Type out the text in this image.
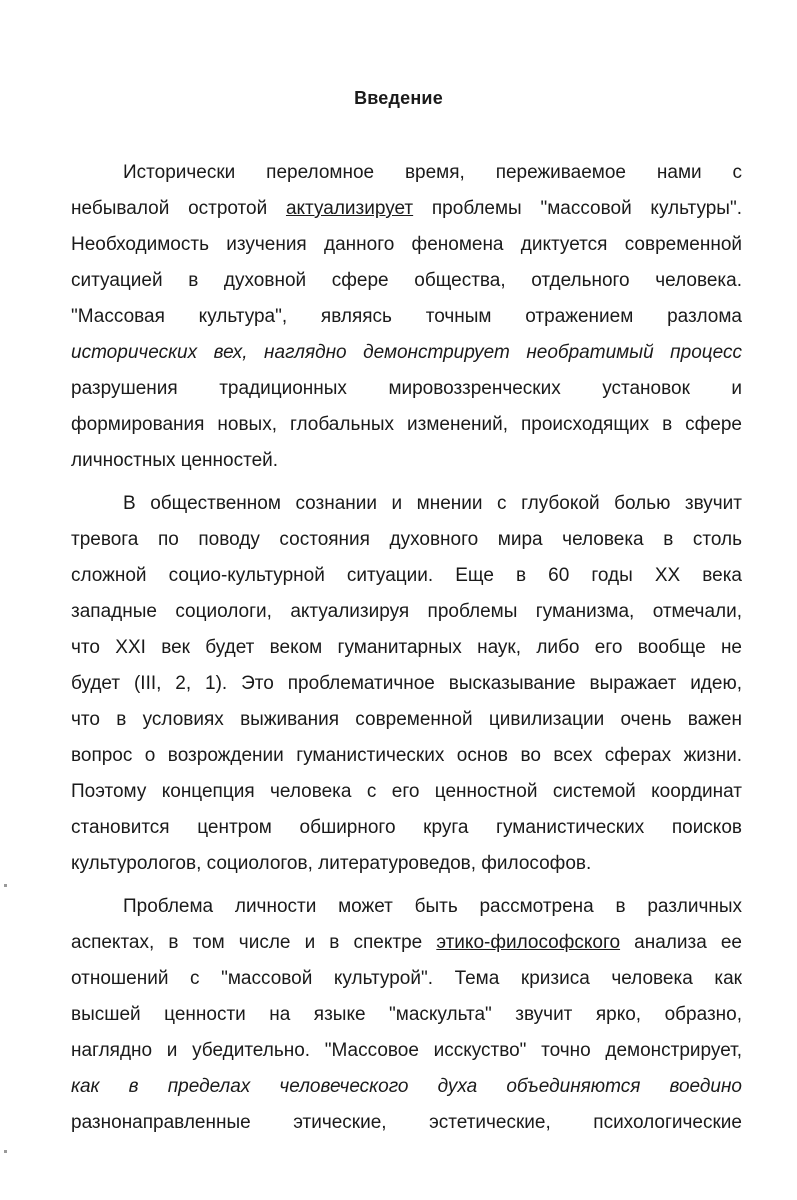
Введение
Исторически переломное время, переживаемое нами с
небывалой остротой актуализирует проблемы "массовой культуры".
Необходимость изучения данного феномена диктуется современной
ситуацией в духовной сфере общества, отдельного человека.
"Массовая культура", являясь точным отражением разлома
исторических вех, наглядно демонстрирует необратимый процесс
разрушения традиционных мировоззренческих установок и
формирования новых, глобальных изменений, происходящих в сфере
личностных ценностей.
В общественном сознании и мнении с глубокой болью звучит
тревога по поводу состояния духовного мира человека в столь
сложной социо-культурной ситуации. Еще в 60 годы XX века
западные социологи, актуализируя проблемы гуманизма, отмечали,
что XXI век будет веком гуманитарных наук, либо его вообще не
будет (III, 2, 1). Это проблематичное высказывание выражает идею,
что в условиях выживания современной цивилизации очень важен
вопрос о возрождении гуманистических основ во всех сферах жизни.
Поэтому концепция человека с его ценностной системой координат
становится центром обширного круга гуманистических поисков
культурологов, социологов, литературоведов, философов.
Проблема личности может быть рассмотрена в различных
аспектах, в том числе и в спектре этико-философского анализа ее
отношений с "массовой культурой". Тема кризиса человека как
высшей ценности на языке "маскульта" звучит ярко, образно,
наглядно и убедительно. "Массовое исскуство" точно демонстрирует,
как в пределах человеческого духа объединяются воедино
разнонаправленные этические, эстетические, психологические
